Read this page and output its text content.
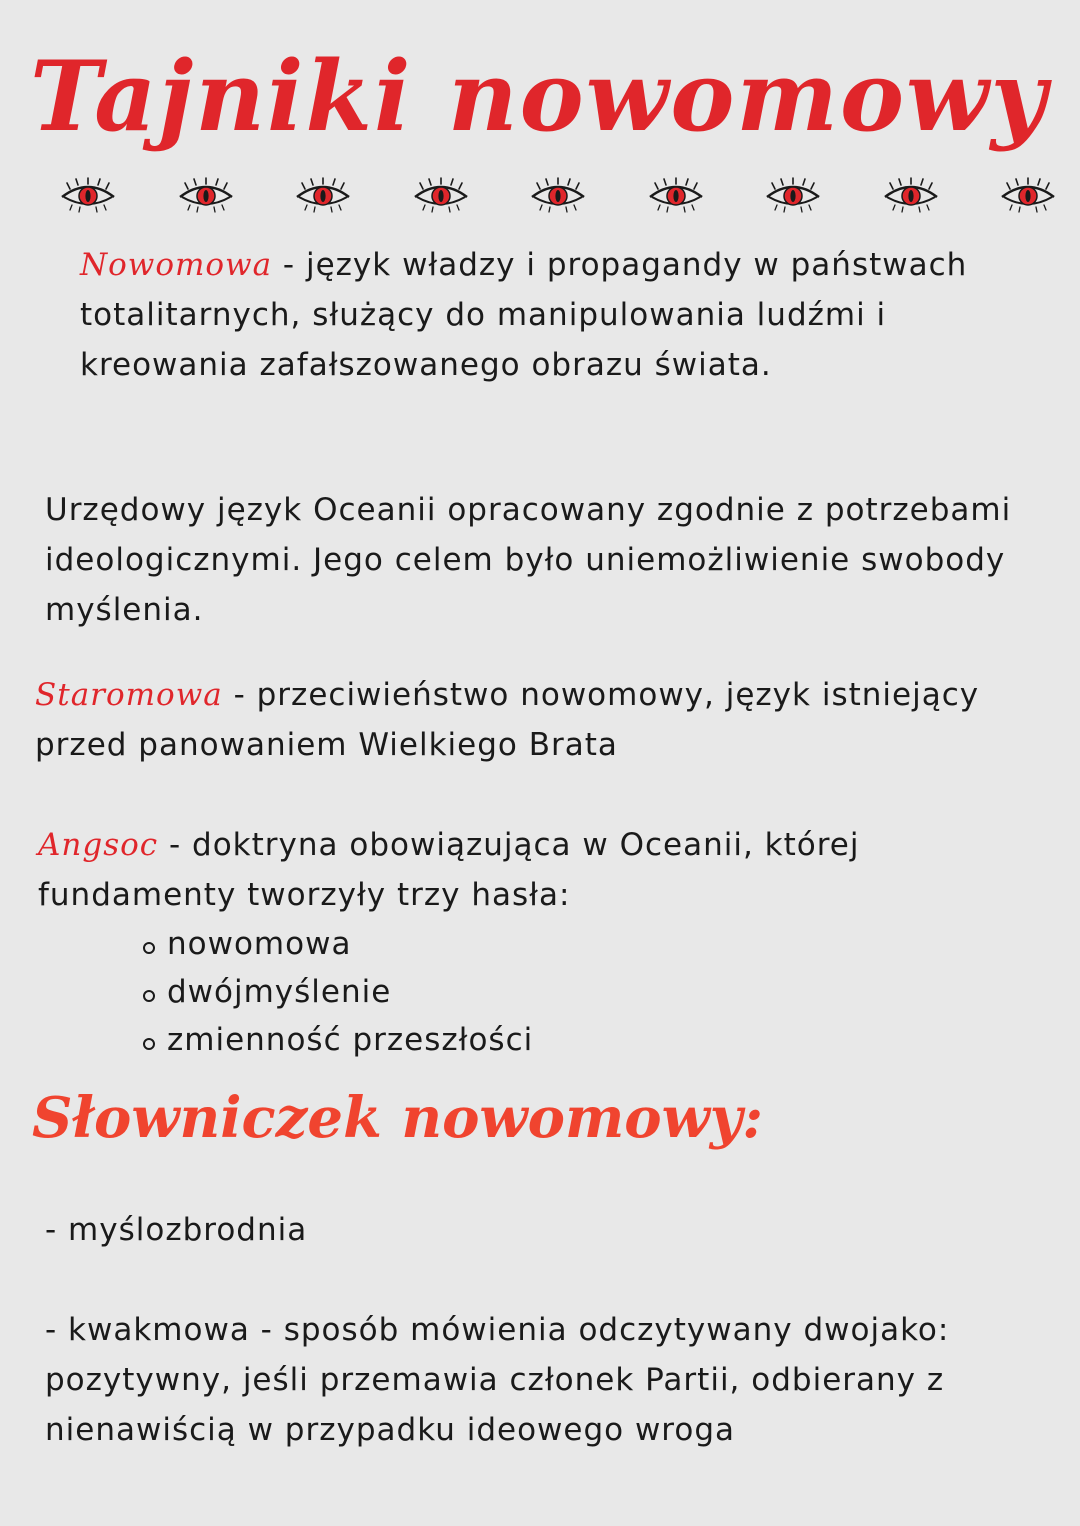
Tajniki nowomowy

Nowomowa - język władzy i propagandy w państwach totalitarnych, służący do manipulowania ludźmi i kreowania zafałszowanego obrazu świata.

Urzędowy język Oceanii opracowany zgodnie z potrzebami ideologicznymi. Jego celem było uniemożliwienie swobody myślenia.

Staromowa - przeciwieństwo nowomowy, język istniejący przed panowaniem Wielkiego Brata

Angsoc - doktryna obowiązująca w Oceanii, której fundamenty tworzyły trzy hasła:
nowomowa
dwójmyślenie
zmienność przeszłości
Słowniczek nowomowy:

- myślozbrodnia

- kwakmowa - sposób mówienia odczytywany dwojako: pozytywny, jeśli przemawia członek Partii, odbierany z nienawiścią w przypadku ideowego wroga
